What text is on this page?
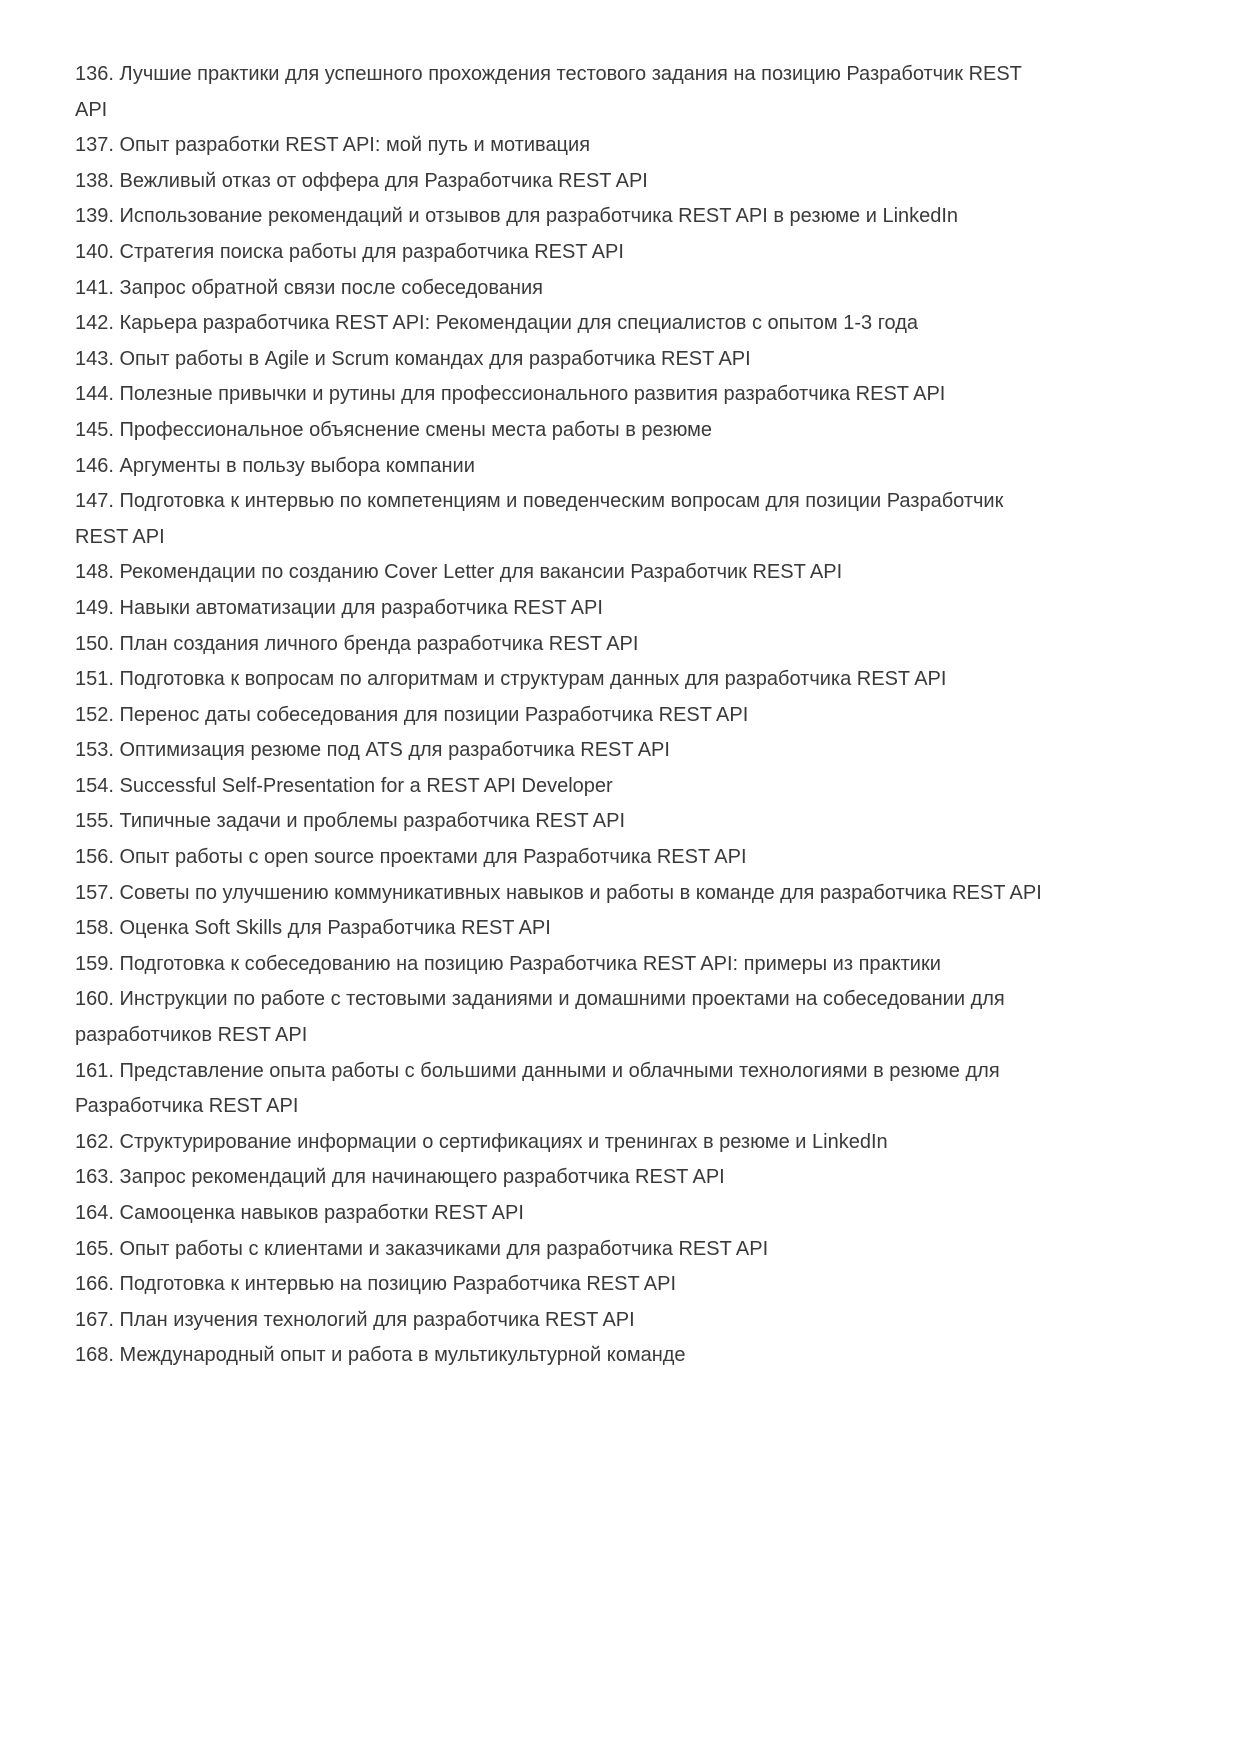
136. Лучшие практики для успешного прохождения тестового задания на позицию Разработчик REST API

137. Опыт разработки REST API: мой путь и мотивация

138. Вежливый отказ от оффера для Разработчика REST API

139. Использование рекомендаций и отзывов для разработчика REST API в резюме и LinkedIn

140. Стратегия поиска работы для разработчика REST API

141. Запрос обратной связи после собеседования

142. Карьера разработчика REST API: Рекомендации для специалистов с опытом 1-3 года

143. Опыт работы в Agile и Scrum командах для разработчика REST API

144. Полезные привычки и рутины для профессионального развития разработчика REST API

145. Профессиональное объяснение смены места работы в резюме

146. Аргументы в пользу выбора компании

147. Подготовка к интервью по компетенциям и поведенческим вопросам для позиции Разработчик REST API

148. Рекомендации по созданию Cover Letter для вакансии Разработчик REST API

149. Навыки автоматизации для разработчика REST API

150. План создания личного бренда разработчика REST API

151. Подготовка к вопросам по алгоритмам и структурам данных для разработчика REST API

152. Перенос даты собеседования для позиции Разработчика REST API

153. Оптимизация резюме под ATS для разработчика REST API

154. Successful Self-Presentation for a REST API Developer

155. Типичные задачи и проблемы разработчика REST API

156. Опыт работы с open source проектами для Разработчика REST API

157. Советы по улучшению коммуникативных навыков и работы в команде для разработчика REST API

158. Оценка Soft Skills для Разработчика REST API

159. Подготовка к собеседованию на позицию Разработчика REST API: примеры из практики

160. Инструкции по работе с тестовыми заданиями и домашними проектами на собеседовании для разработчиков REST API

161. Представление опыта работы с большими данными и облачными технологиями в резюме для Разработчика REST API

162. Структурирование информации о сертификациях и тренингах в резюме и LinkedIn

163. Запрос рекомендаций для начинающего разработчика REST API

164. Самооценка навыков разработки REST API

165. Опыт работы с клиентами и заказчиками для разработчика REST API

166. Подготовка к интервью на позицию Разработчика REST API

167. План изучения технологий для разработчика REST API

168. Международный опыт и работа в мультикультурной команде
